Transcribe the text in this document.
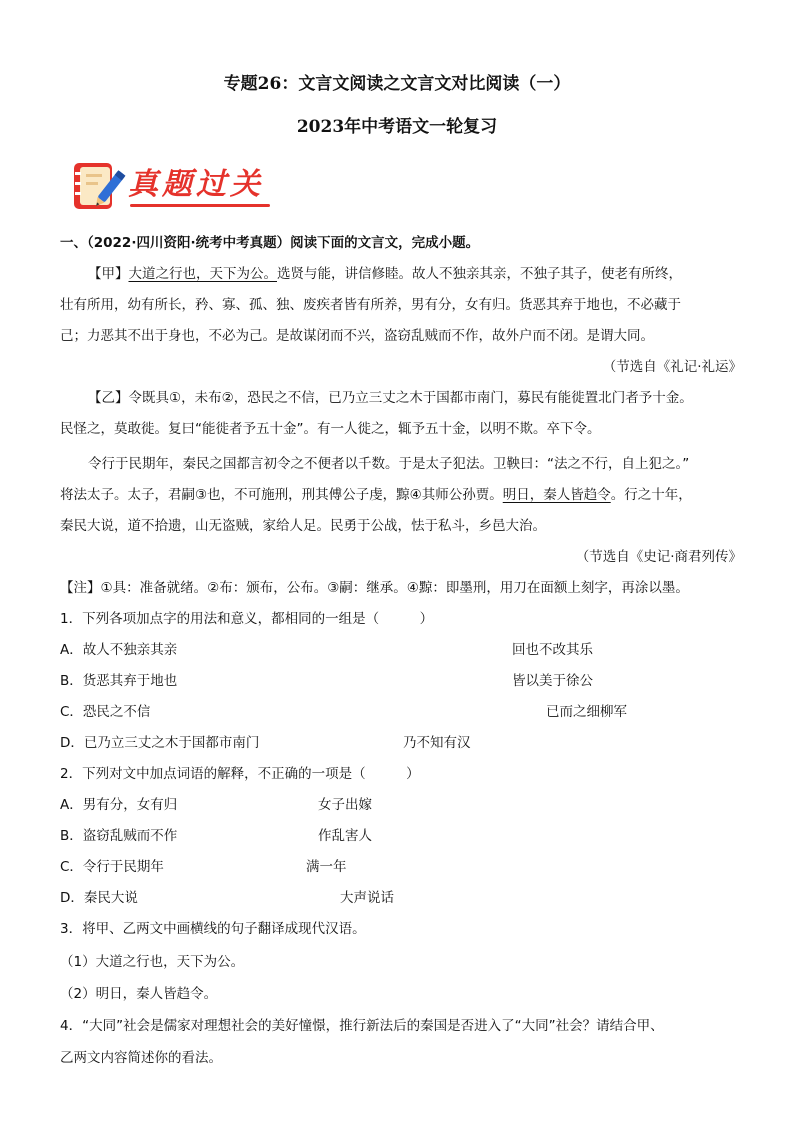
专题26：文言文阅读之文言文对比阅读（一）
2023年中考语文一轮复习
真题过关
一、（2022·四川资阳·统考中考真题）阅读下面的文言文，完成小题。
【甲】大道之行也，天下为公。选贤与能，讲信修睦。故人不独亲其亲，不独子其子，使老有所终，
壮有所用，幼有所长，矜、寡、孤、独、废疾者皆有所养，男有分，女有归。货恶其弃于地也，不必藏于
己；力恶其不出于身也，不必为己。是故谋闭而不兴，盗窃乱贼而不作，故外户而不闭。是谓大同。
（节选自《礼记·礼运》
【乙】令既具①，未布②，恐民之不信，已乃立三丈之木于国都市南门，募民有能徙置北门者予十金。
民怪之，莫敢徙。复曰“能徙者予五十金”。有一人徙之，辄予五十金，以明不欺。卒下令。
令行于民期年，秦民之国都言初令之不便者以千数。于是太子犯法。卫鞅曰：“法之不行，自上犯之。”
将法太子。太子，君嗣③也，不可施刑，刑其傅公子虔，黥④其师公孙贾。明日，秦人皆趋令。行之十年，
秦民大说，道不拾遗，山无盗贼，家给人足。民勇于公战，怯于私斗，乡邑大治。
（节选自《史记·商君列传》
【注】①具：准备就绪。②布：颁布，公布。③嗣：继承。④黥：即墨刑，用刀在面额上刻字，再涂以墨。
1．下列各项加点字的用法和意义，都相同的一组是（　　　）
A．故人不独亲其亲	回也不改其乐
B．货恶其弃于地也	皆以美于徐公
C．恐民之不信	已而之细柳军
D．已乃立三丈之木于国都市南门	乃不知有汉
2．下列对文中加点词语的解释，不正确的一项是（　　　）
A．男有分，女有归	女子出嫁
B．盗窃乱贼而不作	作乱害人
C．令行于民期年	满一年
D．秦民大说	大声说话
3．将甲、乙两文中画横线的句子翻译成现代汉语。
（1）大道之行也，天下为公。
（2）明日，秦人皆趋令。
4．“大同”社会是儒家对理想社会的美好憧憬，推行新法后的秦国是否进入了“大同”社会？请结合甲、
乙两文内容简述你的看法。
